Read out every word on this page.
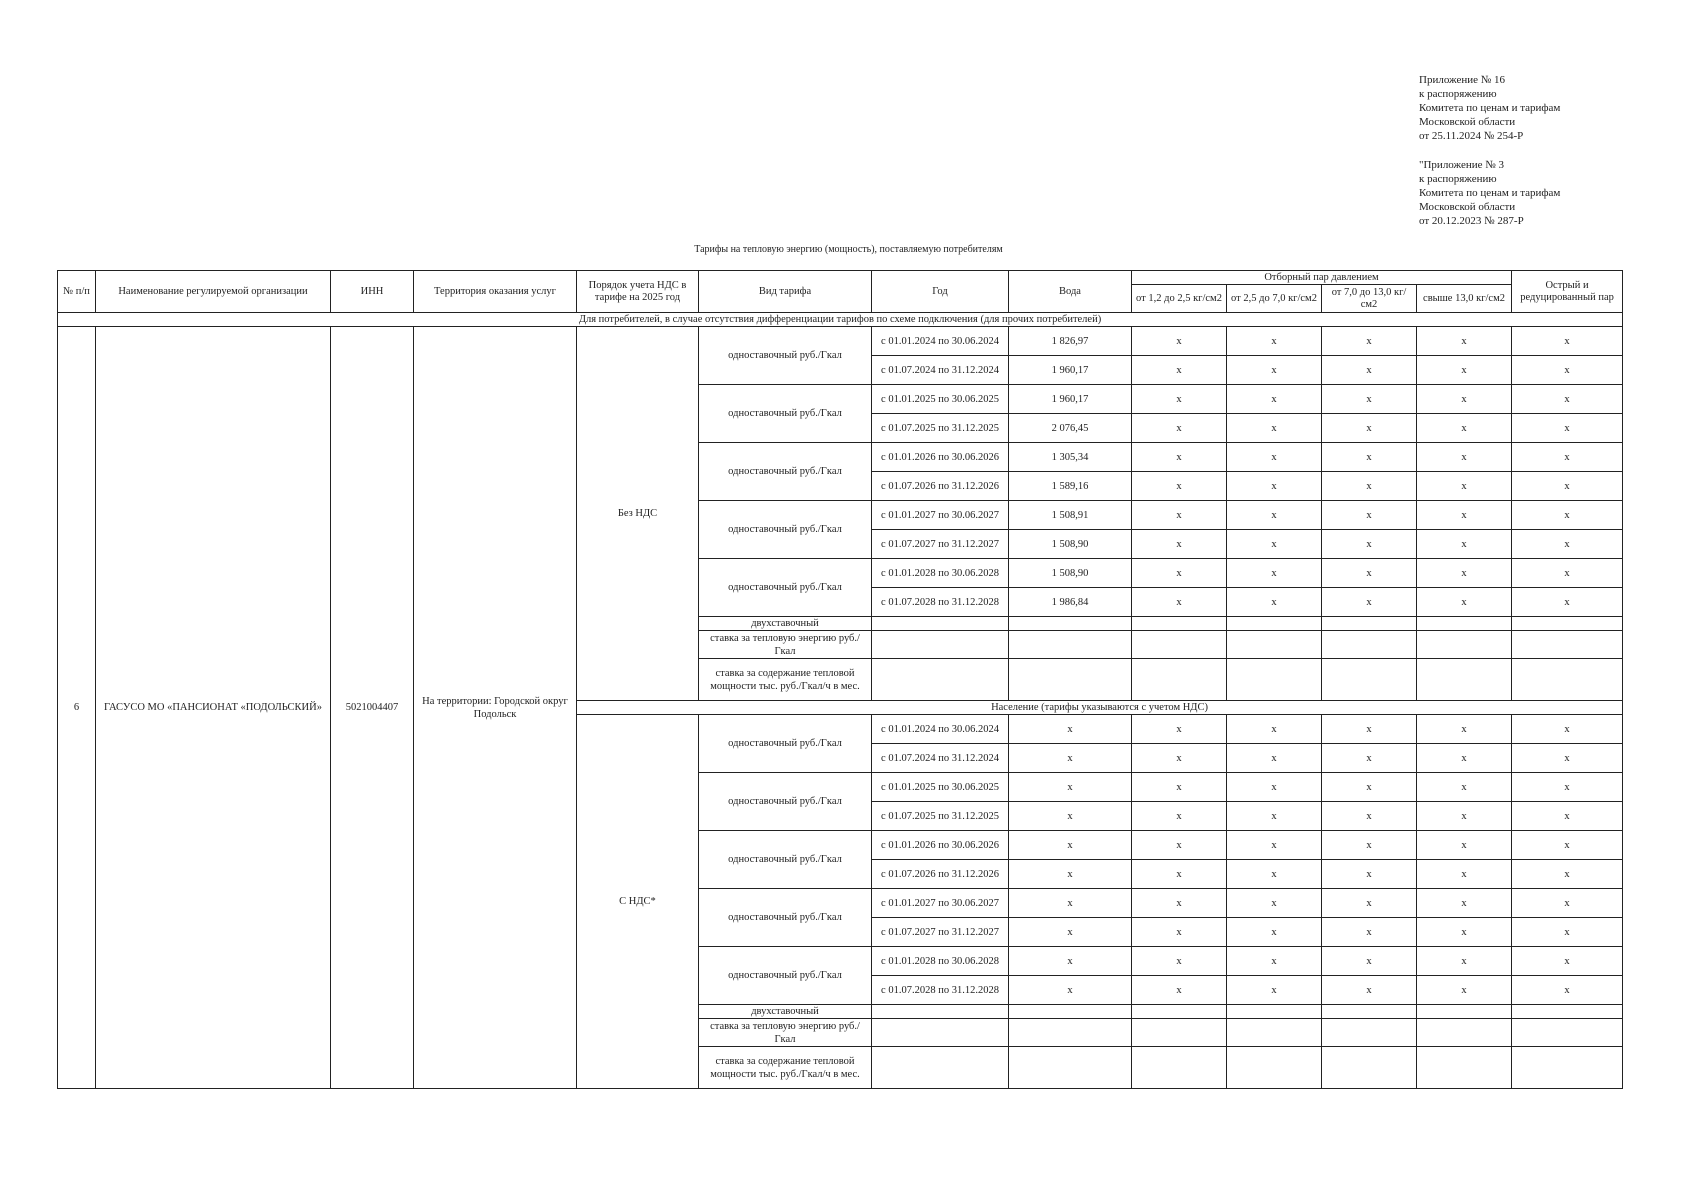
Приложение № 16
к распоряжению
Комитета по ценам и тарифам
Московской области
от 25.11.2024 № 254-Р
"Приложение № 3
к распоряжению
Комитета по ценам и тарифам
Московской области
от 20.12.2023 № 287-Р
Тарифы на тепловую энергию (мощность), поставляемую потребителям
№ п/п	Наименование регулируемой организации	ИНН	Территория оказания услуг	Порядок учета НДС в тарифе на 2025 год	Вид тарифа	Год	Вода	Отборный пар давлением				Острый и редуцированный пар
								от 1,2 до 2,5 кг/см2	от 2,5 до 7,0 кг/см2	от 7,0 до 13,0 кг/см2	свыше 13,0 кг/см2	
Для потребителей, в случае отсутствия дифференциации тарифов по схеме подключения (для прочих потребителей)												
6	ГАСУСО МО «ПАНСИОНАТ «ПОДОЛЬСКИЙ»	5021004407	На территории: Городской округ Подольск	Без НДС	одноставочный руб./Гкал	с 01.01.2024 по 30.06.2024	1 826,97	х	х	х	х	х
						с 01.07.2024 по 31.12.2024	1 960,17	х	х	х	х	х
					одноставочный руб./Гкал	с 01.01.2025 по 30.06.2025	1 960,17	х	х	х	х	х
						с 01.07.2025 по 31.12.2025	2 076,45	х	х	х	х	х
					одноставочный руб./Гкал	с 01.01.2026 по 30.06.2026	1 305,34	х	х	х	х	х
						с 01.07.2026 по 31.12.2026	1 589,16	х	х	х	х	х
					одноставочный руб./Гкал	с 01.01.2027 по 30.06.2027	1 508,91	х	х	х	х	х
						с 01.07.2027 по 31.12.2027	1 508,90	х	х	х	х	х
					одноставочный руб./Гкал	с 01.01.2028 по 30.06.2028	1 508,90	х	х	х	х	х
						с 01.07.2028 по 31.12.2028	1 986,84	х	х	х	х	х
					двухставочный							
					ставка за тепловую энергию руб./Гкал							
					ставка за содержание тепловой мощности тыс. руб./Гкал/ч в мес.							
				Население (тарифы указываются с учетом НДС)								
				С НДС*	одноставочный руб./Гкал	с 01.01.2024 по 30.06.2024	х	х	х	х	х	х
						с 01.07.2024 по 31.12.2024	х	х	х	х	х	х
					одноставочный руб./Гкал	с 01.01.2025 по 30.06.2025	х	х	х	х	х	х
						с 01.07.2025 по 31.12.2025	х	х	х	х	х	х
					одноставочный руб./Гкал	с 01.01.2026 по 30.06.2026	х	х	х	х	х	х
						с 01.07.2026 по 31.12.2026	х	х	х	х	х	х
					одноставочный руб./Гкал	с 01.01.2027 по 30.06.2027	х	х	х	х	х	х
						с 01.07.2027 по 31.12.2027	х	х	х	х	х	х
					одноставочный руб./Гкал	с 01.01.2028 по 30.06.2028	х	х	х	х	х	х
						с 01.07.2028 по 31.12.2028	х	х	х	х	х	х
					двухставочный							
					ставка за тепловую энергию руб./Гкал							
					ставка за содержание тепловой мощности тыс. руб./Гкал/ч в мес.							
